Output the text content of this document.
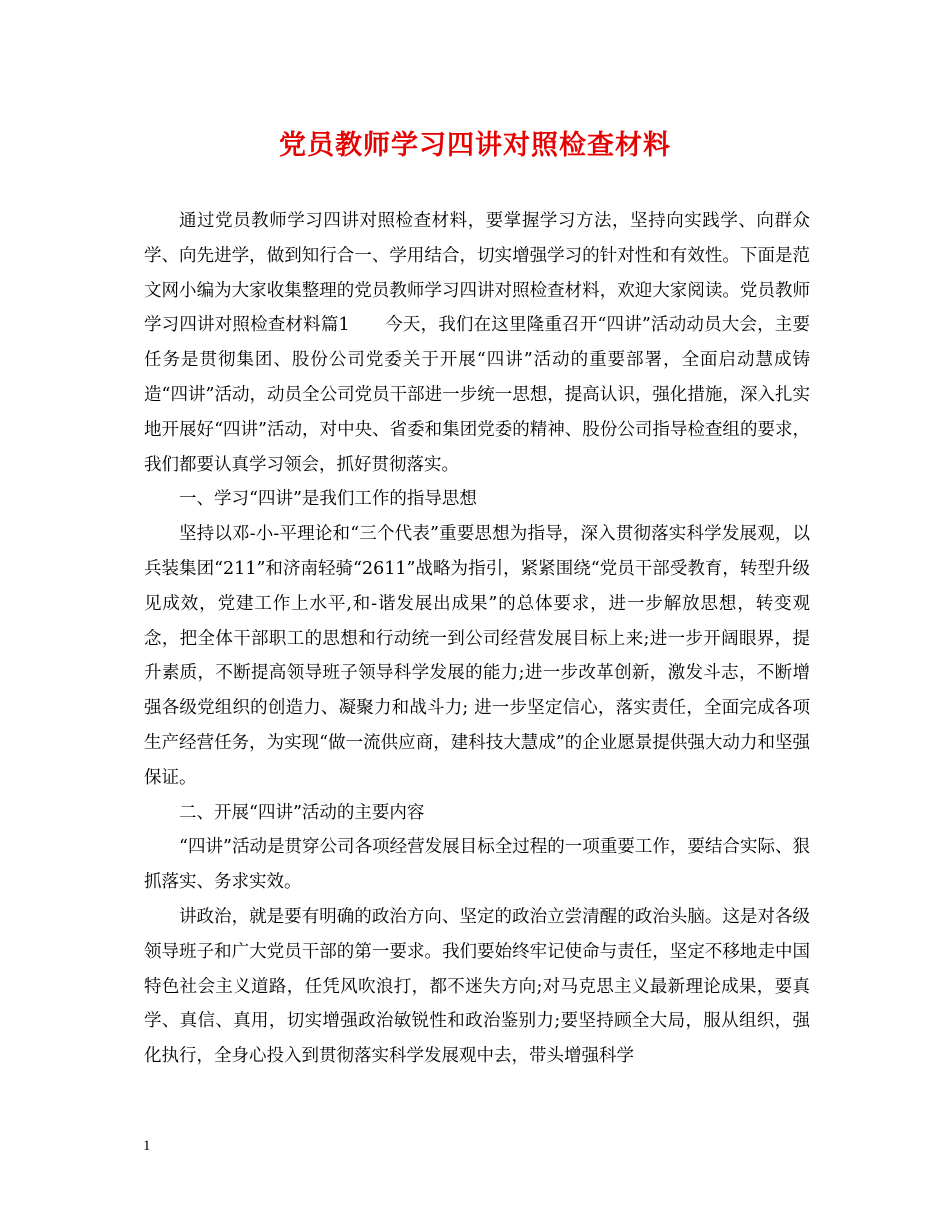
党员教师学习四讲对照检查材料

通过党员教师学习四讲对照检查材料，要掌握学习方法，坚持向实践学、向群众学、向先进学，做到知行合一、学用结合，切实增强学习的针对性和有效性。下面是范文网小编为大家收集整理的党员教师学习四讲对照检查材料，欢迎大家阅读。党员教师学习四讲对照检查材料篇1　　今天，我们在这里隆重召开“四讲”活动动员大会，主要任务是贯彻集团、股份公司党委关于开展“四讲”活动的重要部署，全面启动慧成铸造“四讲”活动，动员全公司党员干部进一步统一思想，提高认识，强化措施，深入扎实地开展好“四讲”活动，对中央、省委和集团党委的精神、股份公司指导检查组的要求，我们都要认真学习领会，抓好贯彻落实。

一、学习“四讲”是我们工作的指导思想

坚持以邓-小-平理论和“三个代表”重要思想为指导，深入贯彻落实科学发展观，以兵装集团“211”和济南轻骑“2611”战略为指引，紧紧围绕“党员干部受教育，转型升级见成效，党建工作上水平,和-谐发展出成果”的总体要求，进一步解放思想，转变观念，把全体干部职工的思想和行动统一到公司经营发展目标上来;进一步开阔眼界，提升素质，不断提高领导班子领导科学发展的能力;进一步改革创新，激发斗志，不断增强各级党组织的创造力、凝聚力和战斗力; 进一步坚定信心，落实责任，全面完成各项生产经营任务，为实现“做一流供应商，建科技大慧成”的企业愿景提供强大动力和坚强保证。

二、开展“四讲”活动的主要内容

“四讲”活动是贯穿公司各项经营发展目标全过程的一项重要工作，要结合实际、狠抓落实、务求实效。

讲政治，就是要有明确的政治方向、坚定的政治立尝清醒的政治头脑。这是对各级领导班子和广大党员干部的第一要求。我们要始终牢记使命与责任，坚定不移地走中国特色社会主义道路，任凭风吹浪打，都不迷失方向;对马克思主义最新理论成果，要真学、真信、真用，切实增强政治敏锐性和政治鉴别力;要坚持顾全大局，服从组织，强化执行，全身心投入到贯彻落实科学发展观中去，带头增强科学

1
